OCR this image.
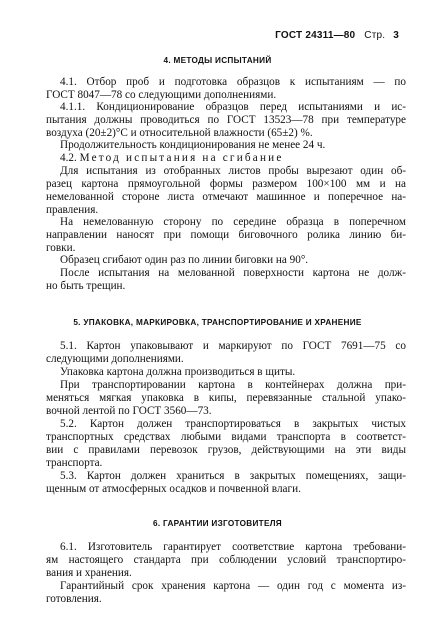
ГОСТ 24311—80 Стр. 3
4. МЕТОДЫ ИСПЫТАНИЙ
4.1. Отбор проб и подготовка образцов к испытаниям — по
ГОСТ 8047—78 со следующими дополнениями.
4.1.1. Кондиционирование образцов перед испытаниями и ис-
пытания должны проводиться по ГОСТ 13523—78 при температуре
воздуха (20±2)°С и относительной влажности (65±2) %.
Продолжительность кондиционирования не менее 24 ч.
4.2. Метод испытания на сгибание
Для испытания из отобранных листов пробы вырезают один об-
разец картона прямоугольной формы размером 100×100 мм и на
немелованной стороне листа отмечают машинное и поперечное на-
правления.
На немелованную сторону по середине образца в поперечном
направлении наносят при помощи биговочного ролика линию би-
говки.
Образец сгибают один раз по линии биговки на 90°.
После испытания на мелованной поверхности картона не долж-
но быть трещин.
5. УПАКОВКА, МАРКИРОВКА, ТРАНСПОРТИРОВАНИЕ И ХРАНЕНИЕ
5.1. Картон упаковывают и маркируют по ГОСТ 7691—75 со
следующими дополнениями.
Упаковка картона должна производиться в щиты.
При транспортировании картона в контейнерах должна при-
меняться мягкая упаковка в кипы, перевязанные стальной упако-
вочной лентой по ГОСТ 3560—73.
5.2. Картон должен транспортироваться в закрытых чистых
транспортных средствах любыми видами транспорта в соответст-
вии с правилами перевозок грузов, действующими на эти виды
транспорта.
5.3. Картон должен храниться в закрытых помещениях, защи-
щенным от атмосферных осадков и почвенной влаги.
6. ГАРАНТИИ ИЗГОТОВИТЕЛЯ
6.1. Изготовитель гарантирует соответствие картона требовани-
ям настоящего стандарта при соблюдении условий транспортиро-
вания и хранения.
Гарантийный срок хранения картона — один год с момента из-
готовления.
